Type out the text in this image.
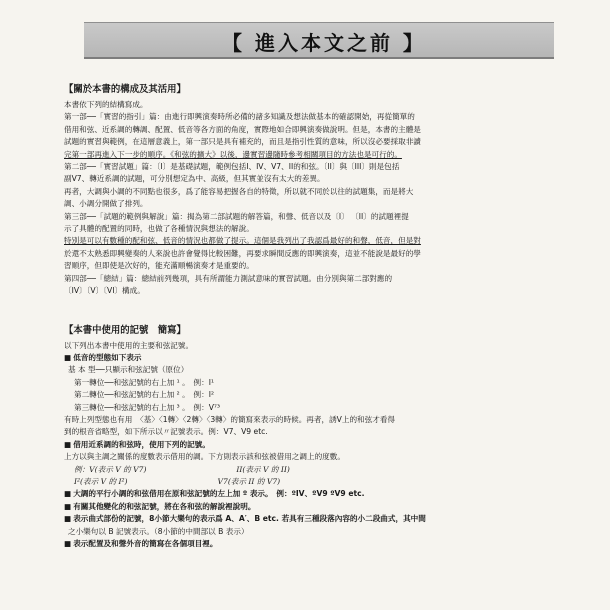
【 進入本文之前 】
【關於本書的構成及其活用】
本書依下列的結構寫成。
第一部──「實習的指引」篇：由進行即興演奏時所必備的諸多知識及想法做基本的確認開始，再從簡單的
借用和弦、近系調的轉調、配置、低音等各方面的角度，實際地如合即興演奏做說明。但是，本書的主體是
試題的實習與範例，在這層意義上，第一部只是具有補充的，而且是指引性質的意味，所以沒必要採取非讀
完第一部再進入下一步的順序。《和弦的擴大》以後，邊實習邊隨時參考相關項目的方法也是可行的。
第二部──「實習試題」篇：〔I〕是基礎試題，範例包括I、IV、V7、II的和弦。〔II〕與〔III〕則是包括
副V7、轉近系調的試題，可分別想定為中、高級，但其實並沒有太大的差異。
再者，大調與小調的不同點也很多，爲了能容易把握各自的特徵，所以就不同於以往的試題集，而是將大
調、小調分開做了排列。
第三部──「試題的範例與解說」篇：揭為第二部試題的解答篇，和聲、低音以及〔I〕 〔II〕的試題裡提
示了具體的配置的同時，也做了各種情況與想法的解說。
特別是可以有數種的配和弦、低音的情況也都做了提示。這個是我列出了我認爲最好的和聲，低音，但是對
於還不太熟悉即興變奏的人來說也許會覺得比較困難，再要求瞬間反應的即興演奏，這並不能說是最好的學
習順序，但即使是次好的，能充滿順暢演奏才是重要的。
第四部──「總結」篇：總結前列幾項，具有所謂能力測試意味的實習試題。由分別與第二部對應的
〔IV〕〔V〕〔VI〕構成。
【本書中使用的記號　簡寫】
以下列出本書中使用的主要和弦記號。
■ 低音的型態如下表示
基 本 型──只顯示和弦記號（原位）
第一轉位──和弦記號的右上加 ¹ 。　例：I¹
第二轉位──和弦記號的右上加 ² 。　例：I²
第三轉位──和弦記號的右上加 ³ 。　例：V⁷³
有時上列型態也有用　〈基〉〈1轉〉〈2轉〉〈3轉〉的簡寫來表示的時候。再者，誘V上的和弦才看得
到的根音省略型，如下所示以〃記號表示。例：V7、V9 etc.
■ 借用近系調的和弦時，使用下列的記號。
上方以與主調之關係的度數表示借用的調。下方則表示該和弦被借用之調上的度數。
例：V(表示 V 的 V7)	II(表示 V 的 II)
I²(表示 V 的 I²)	V7(表示 II 的 V7)
■ 大調的平行小調的和弦借用在原和弦記號的左上加 º 表示。　例：ºIV、ºV9 ºV9 etc.
■ 有關其他變化的和弦記號，將在各和弦的解說裡說明。
■ 表示曲式部份的記號，8小節大樂句的表示爲 A、A′、B etc. 若具有三種段落內容的小二段曲式，其中間
之小樂句以 B 記號表示。（8小節的中間部以 B 表示）
■ 表示配置及和聲外音的簡寫在各個項目裡。
